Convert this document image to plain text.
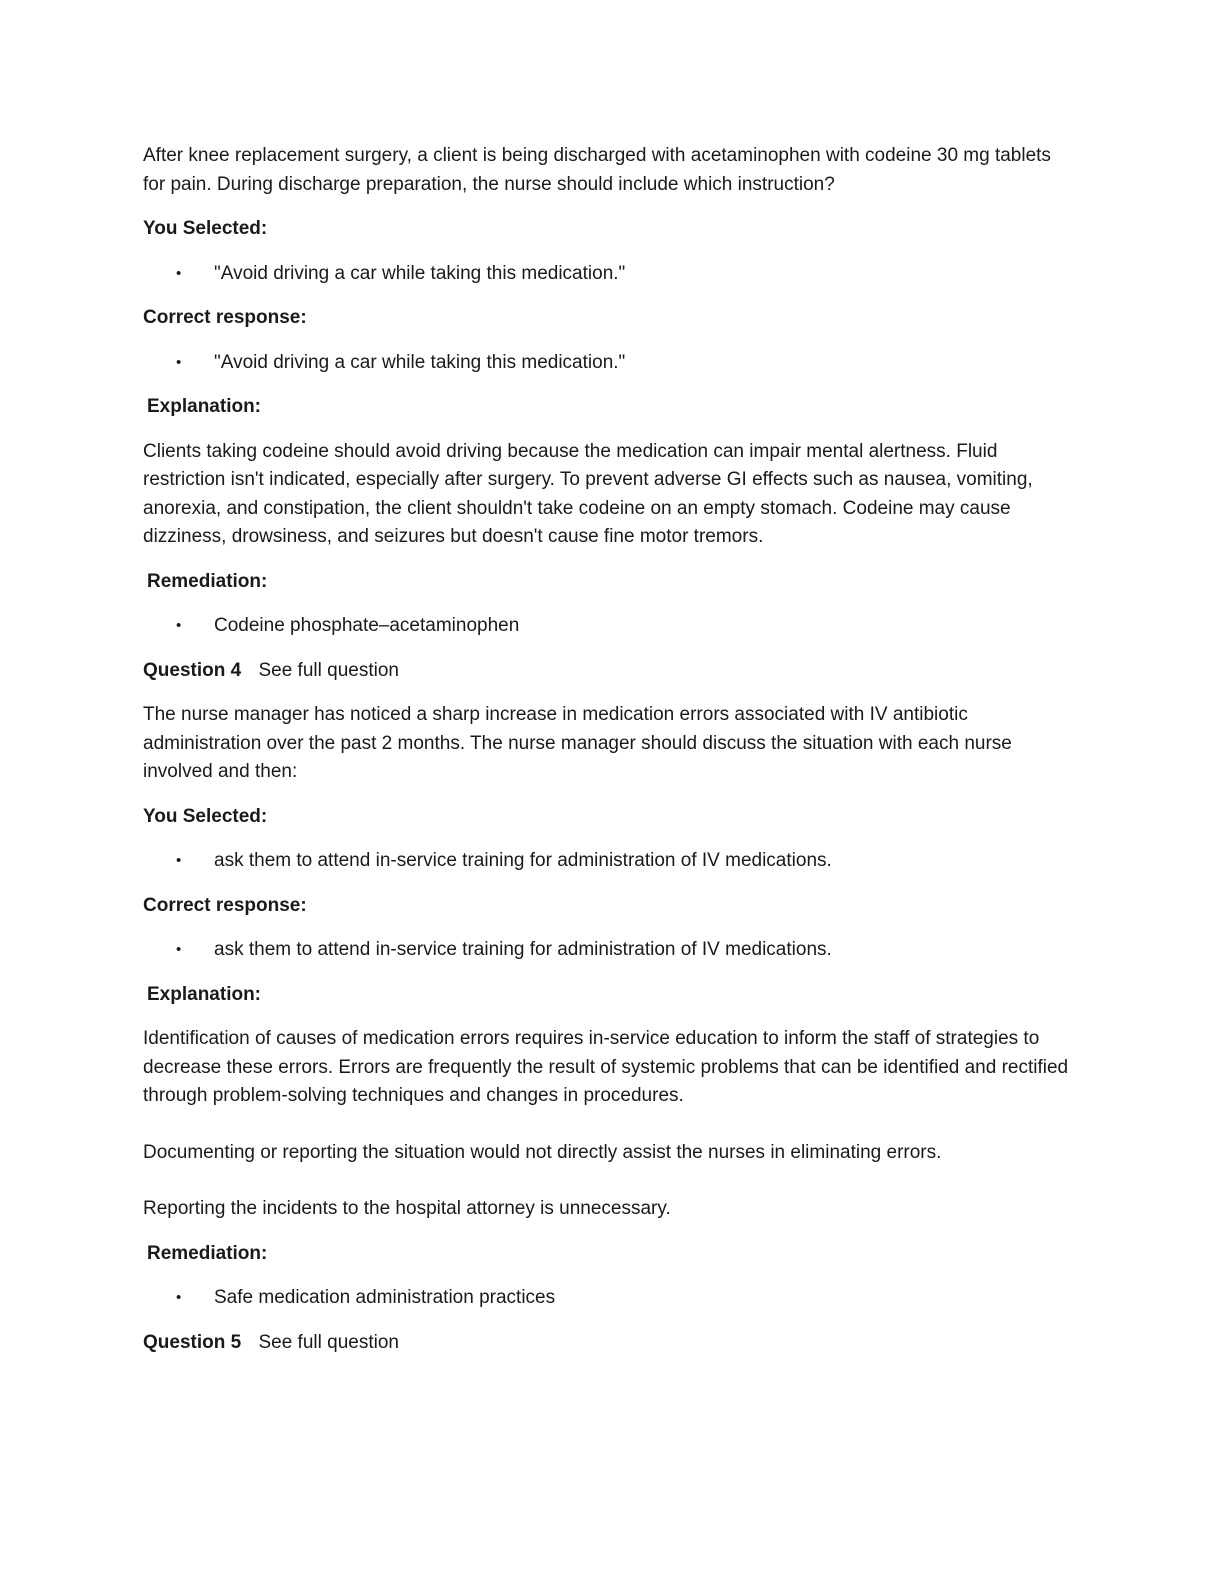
After knee replacement surgery, a client is being discharged with acetaminophen with codeine 30 mg tablets for pain. During discharge preparation, the nurse should include which instruction?

You Selected:

• "Avoid driving a car while taking this medication."

Correct response:

• "Avoid driving a car while taking this medication."

Explanation:

Clients taking codeine should avoid driving because the medication can impair mental alertness. Fluid restriction isn't indicated, especially after surgery. To prevent adverse GI effects such as nausea, vomiting, anorexia, and constipation, the client shouldn't take codeine on an empty stomach. Codeine may cause dizziness, drowsiness, and seizures but doesn't cause fine motor tremors.

Remediation:

• Codeine phosphate–acetaminophen

Question 4 See full question

The nurse manager has noticed a sharp increase in medication errors associated with IV antibiotic administration over the past 2 months. The nurse manager should discuss the situation with each nurse involved and then:

You Selected:

• ask them to attend in-service training for administration of IV medications.

Correct response:

• ask them to attend in-service training for administration of IV medications.

Explanation:

Identification of causes of medication errors requires in-service education to inform the staff of strategies to decrease these errors. Errors are frequently the result of systemic problems that can be identified and rectified through problem-solving techniques and changes in procedures.

Documenting or reporting the situation would not directly assist the nurses in eliminating errors.

Reporting the incidents to the hospital attorney is unnecessary.

Remediation:

• Safe medication administration practices

Question 5 See full question
